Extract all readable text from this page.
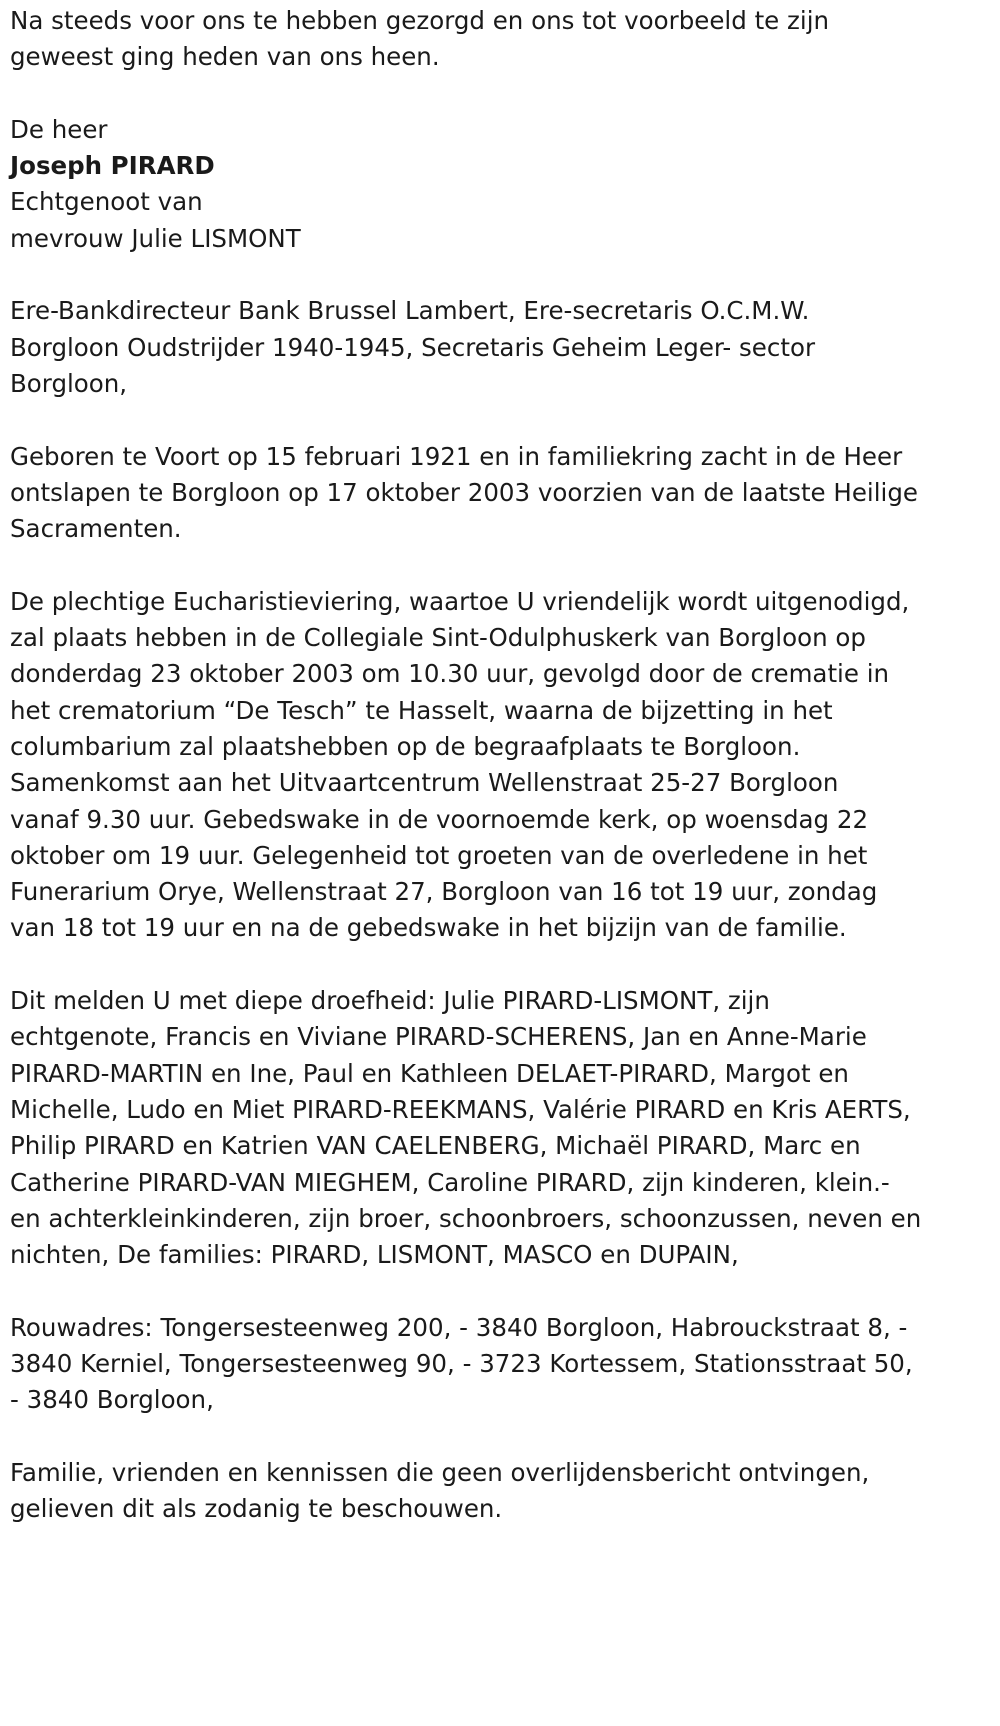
Na steeds voor ons te hebben gezorgd en ons tot voorbeeld te zijn
geweest ging heden van ons heen.
De heer
Joseph PIRARD
Echtgenoot van
mevrouw Julie LISMONT
Ere-Bankdirecteur Bank Brussel Lambert, Ere-secretaris O.C.M.W.
Borgloon Oudstrijder 1940-1945, Secretaris Geheim Leger- sector
Borgloon,
Geboren te Voort op 15 februari 1921 en in familiekring zacht in de Heer
ontslapen te Borgloon op 17 oktober 2003 voorzien van de laatste Heilige
Sacramenten.
De plechtige Eucharistieviering, waartoe U vriendelijk wordt uitgenodigd,
zal plaats hebben in de Collegiale Sint-Odulphuskerk van Borgloon op
donderdag 23 oktober 2003 om 10.30 uur, gevolgd door de crematie in
het crematorium “De Tesch” te Hasselt, waarna de bijzetting in het
columbarium zal plaatshebben op de begraafplaats te Borgloon.
Samenkomst aan het Uitvaartcentrum Wellenstraat 25-27 Borgloon
vanaf 9.30 uur. Gebedswake in de voornoemde kerk, op woensdag 22
oktober om 19 uur. Gelegenheid tot groeten van de overledene in het
Funerarium Orye, Wellenstraat 27, Borgloon van 16 tot 19 uur, zondag
van 18 tot 19 uur en na de gebedswake in het bijzijn van de familie.
Dit melden U met diepe droefheid: Julie PIRARD-LISMONT, zijn
echtgenote, Francis en Viviane PIRARD-SCHERENS, Jan en Anne-Marie
PIRARD-MARTIN en Ine, Paul en Kathleen DELAET-PIRARD, Margot en
Michelle, Ludo en Miet PIRARD-REEKMANS, Valérie PIRARD en Kris AERTS,
Philip PIRARD en Katrien VAN CAELENBERG, Michaël PIRARD, Marc en
Catherine PIRARD-VAN MIEGHEM, Caroline PIRARD, zijn kinderen, klein.-
en achterkleinkinderen, zijn broer, schoonbroers, schoonzussen, neven en
nichten, De families: PIRARD, LISMONT, MASCO en DUPAIN,
Rouwadres: Tongersesteenweg 200, - 3840 Borgloon, Habrouckstraat 8, -
3840 Kerniel, Tongersesteenweg 90, - 3723 Kortessem, Stationsstraat 50,
- 3840 Borgloon,
Familie, vrienden en kennissen die geen overlijdensbericht ontvingen,
gelieven dit als zodanig te beschouwen.
